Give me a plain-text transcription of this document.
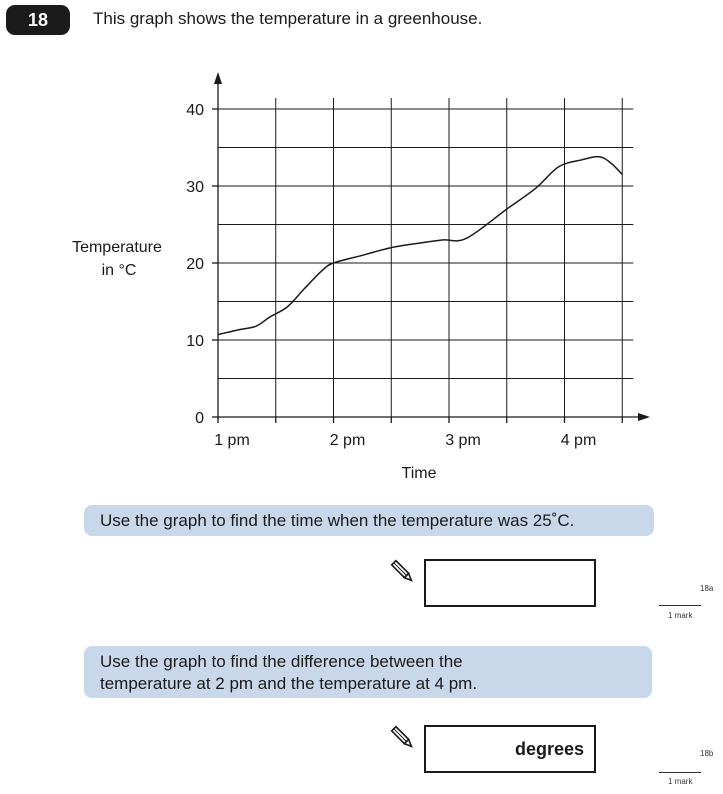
18	This graph shows the temperature in a greenhouse.
0
10
20
30
40
1 pm	2 pm	3 pm	4 pm
Temperature
in °C
Time
Use the graph to find the time when the temperature was 25˚C.
18a
1 mark
Use the graph to find the difference between the
temperature at 2 pm and the temperature at 4 pm.
degrees	18b
1 mark
